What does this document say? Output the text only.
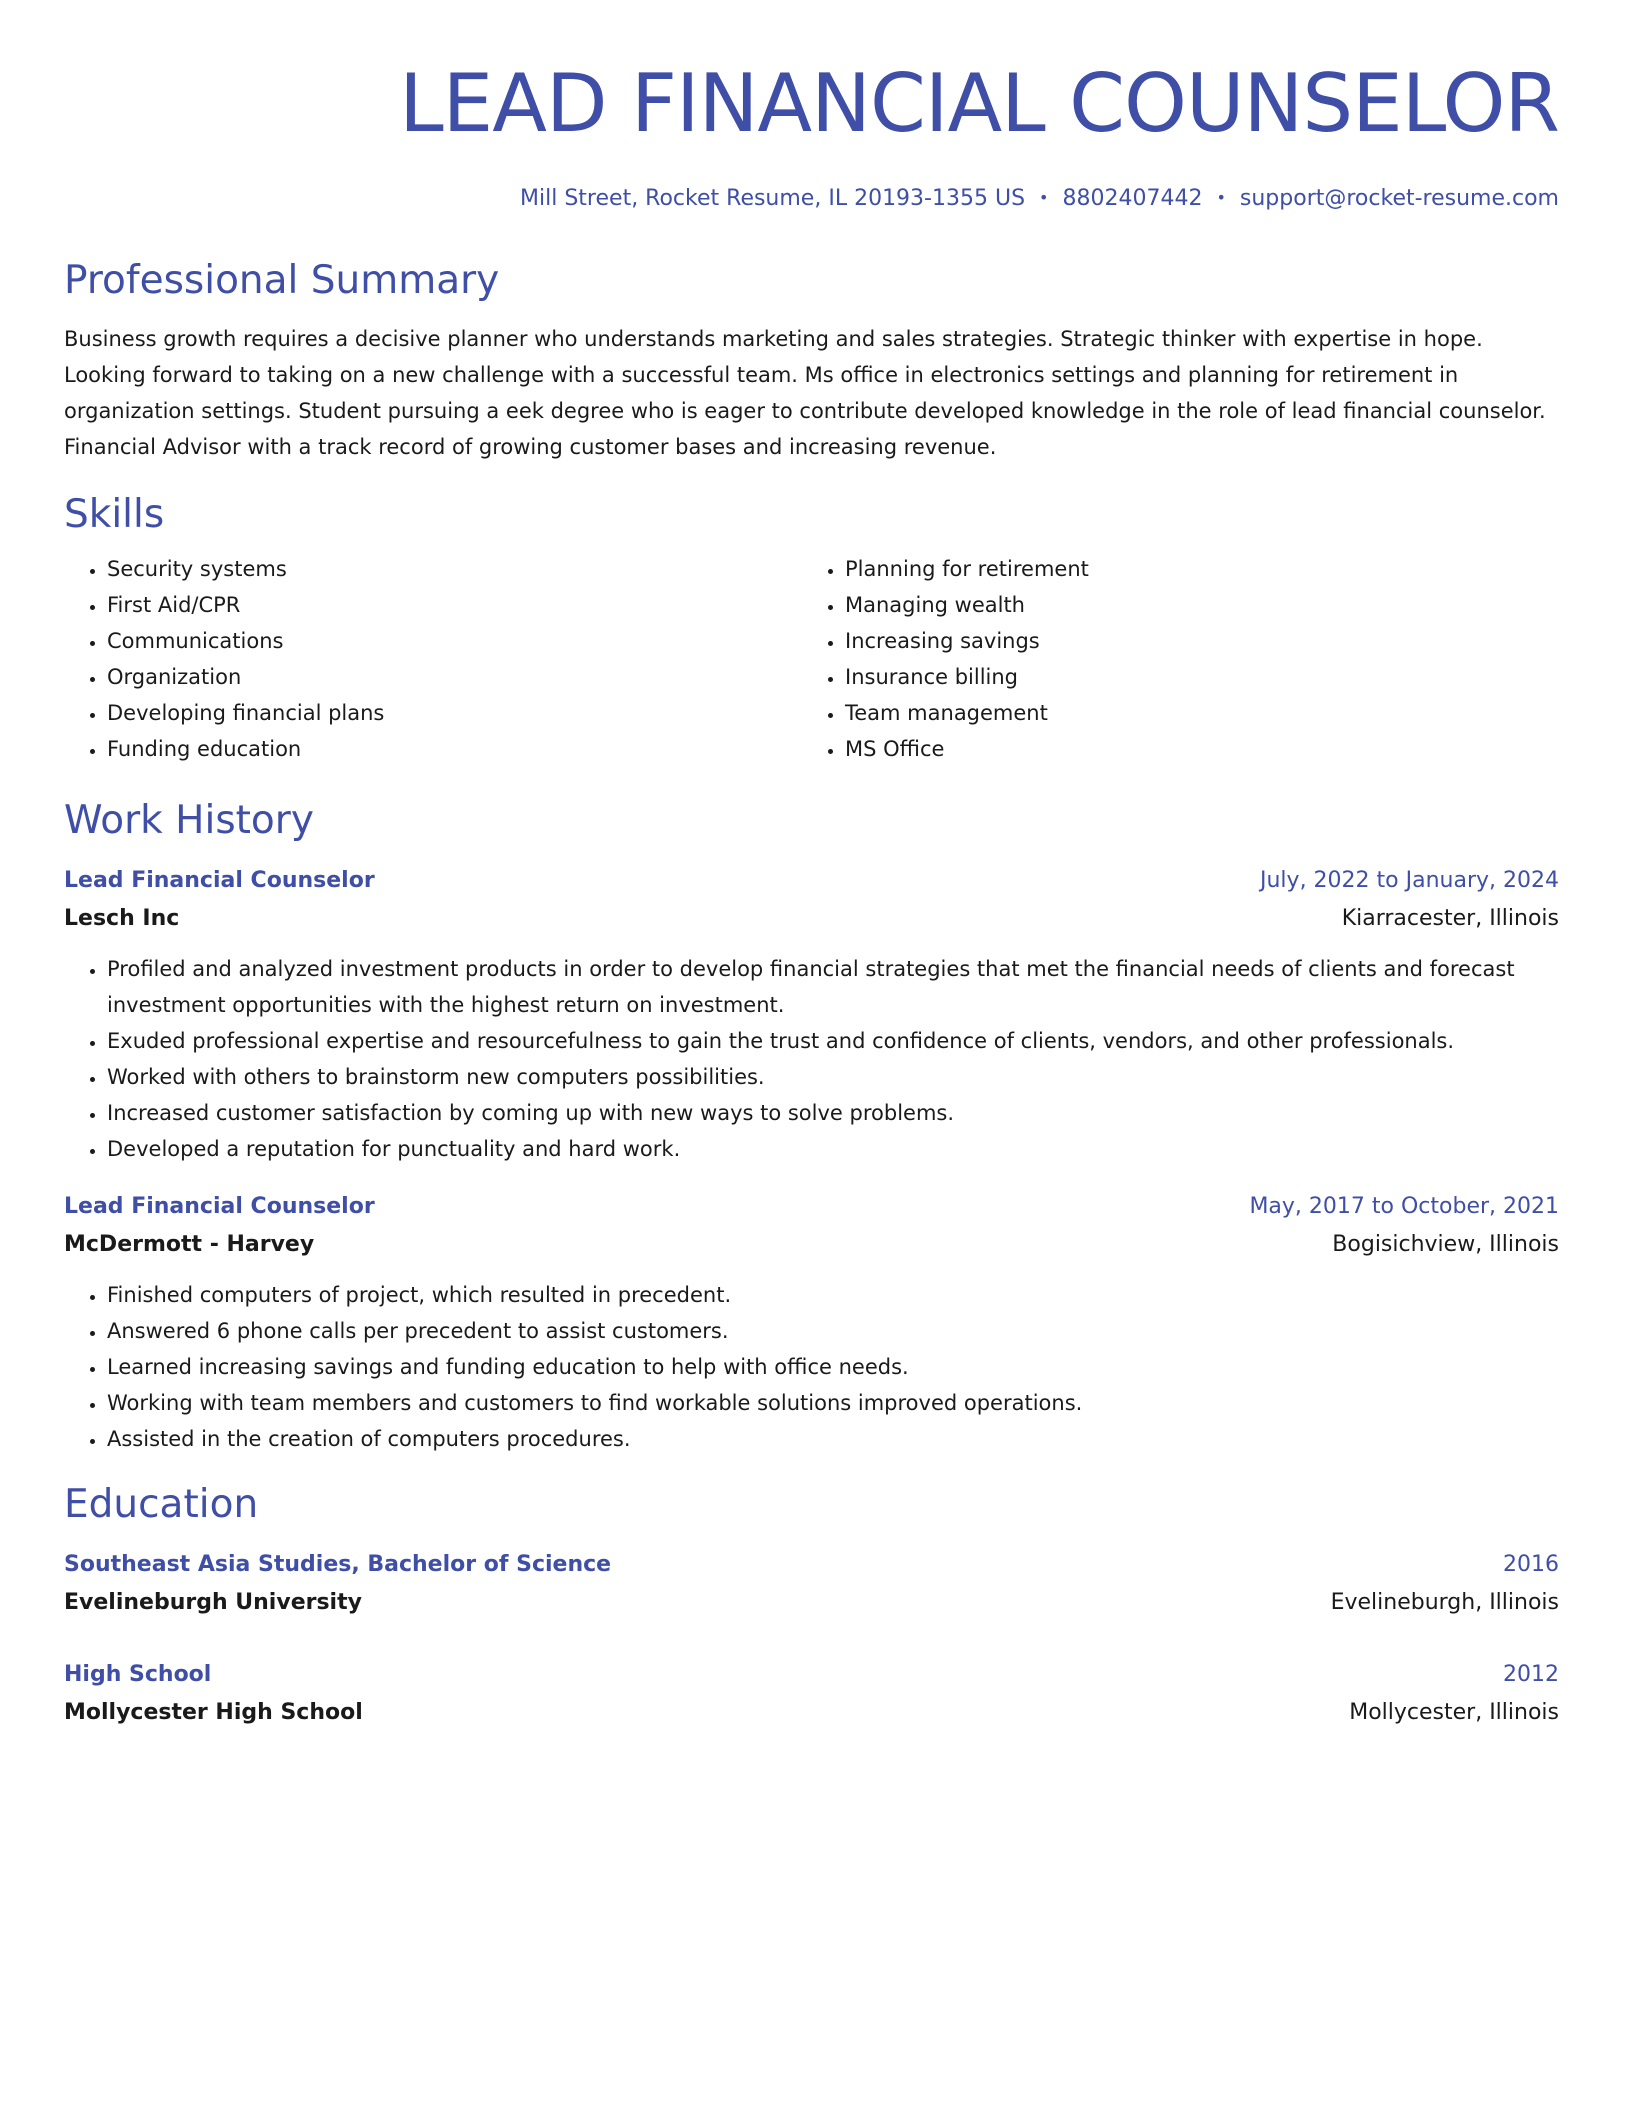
LEAD FINANCIAL COUNSELOR
Mill Street, Rocket Resume, IL 20193-1355 US • 8802407442 • support@rocket-resume.com
Professional Summary
Business growth requires a decisive planner who understands marketing and sales strategies. Strategic thinker with expertise in hope. Looking forward to taking on a new challenge with a successful team. Ms office in electronics settings and planning for retirement in organization settings. Student pursuing a eek degree who is eager to contribute developed knowledge in the role of lead financial counselor. Financial Advisor with a track record of growing customer bases and increasing revenue.
Skills
• Security systems
• First Aid/CPR
• Communications
• Organization
• Developing financial plans
• Funding education
• Planning for retirement
• Managing wealth
• Increasing savings
• Insurance billing
• Team management
• MS Office
Work History
Lead Financial Counselor	July, 2022 to January, 2024
Lesch Inc	Kiarracester, Illinois
• Profiled and analyzed investment products in order to develop financial strategies that met the financial needs of clients and forecast investment opportunities with the highest return on investment.
• Exuded professional expertise and resourcefulness to gain the trust and confidence of clients, vendors, and other professionals.
• Worked with others to brainstorm new computers possibilities.
• Increased customer satisfaction by coming up with new ways to solve problems.
• Developed a reputation for punctuality and hard work.
Lead Financial Counselor	May, 2017 to October, 2021
McDermott - Harvey	Bogisichview, Illinois
• Finished computers of project, which resulted in precedent.
• Answered 6 phone calls per precedent to assist customers.
• Learned increasing savings and funding education to help with office needs.
• Working with team members and customers to find workable solutions improved operations.
• Assisted in the creation of computers procedures.
Education
Southeast Asia Studies, Bachelor of Science	2016
Evelineburgh University	Evelineburgh, Illinois
High School	2012
Mollycester High School	Mollycester, Illinois
